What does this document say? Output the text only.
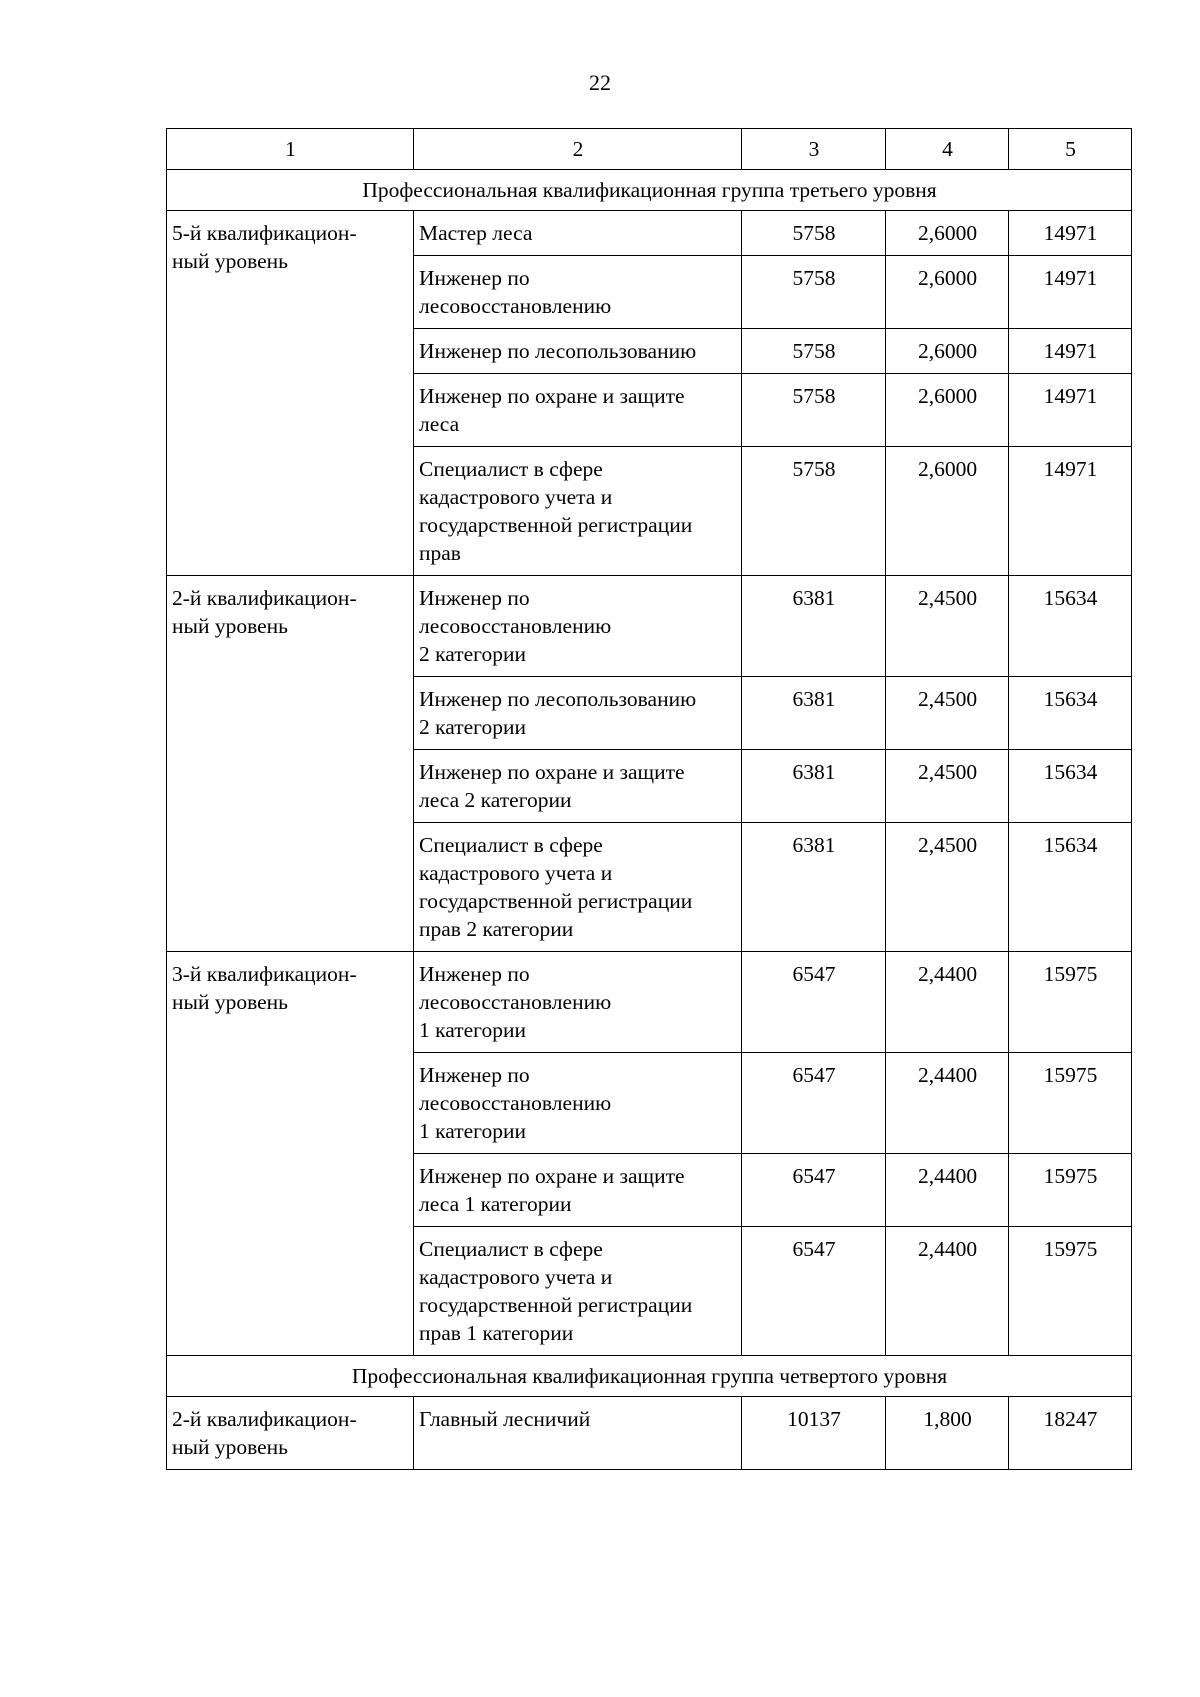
22
1	2	3	4	5
Профессиональная квалификационная группа третьего уровня				
5-й квалификацион-
ный уровень	Мастер леса	5758	2,6000	14971
	Инженер по
лесовосстановлению	5758	2,6000	14971
	Инженер по лесопользованию	5758	2,6000	14971
	Инженер по охране и защите
леса	5758	2,6000	14971
	Специалист в сфере
кадастрового учета и
государственной регистрации
прав	5758	2,6000	14971
2-й квалификацион-
ный уровень	Инженер по
лесовосстановлению
2 категории	6381	2,4500	15634
	Инженер по лесопользованию
2 категории	6381	2,4500	15634
	Инженер по охране и защите
леса 2 категории	6381	2,4500	15634
	Специалист в сфере
кадастрового учета и
государственной регистрации
прав 2 категории	6381	2,4500	15634
3-й квалификацион-
ный уровень	Инженер по
лесовосстановлению
1 категории	6547	2,4400	15975
	Инженер по
лесовосстановлению
1 категории	6547	2,4400	15975
	Инженер по охране и защите
леса 1 категории	6547	2,4400	15975
	Специалист в сфере
кадастрового учета и
государственной регистрации
прав 1 категории	6547	2,4400	15975
Профессиональная квалификационная группа четвертого уровня				
2-й квалификацион-
ный уровень	Главный лесничий	10137	1,800	18247
